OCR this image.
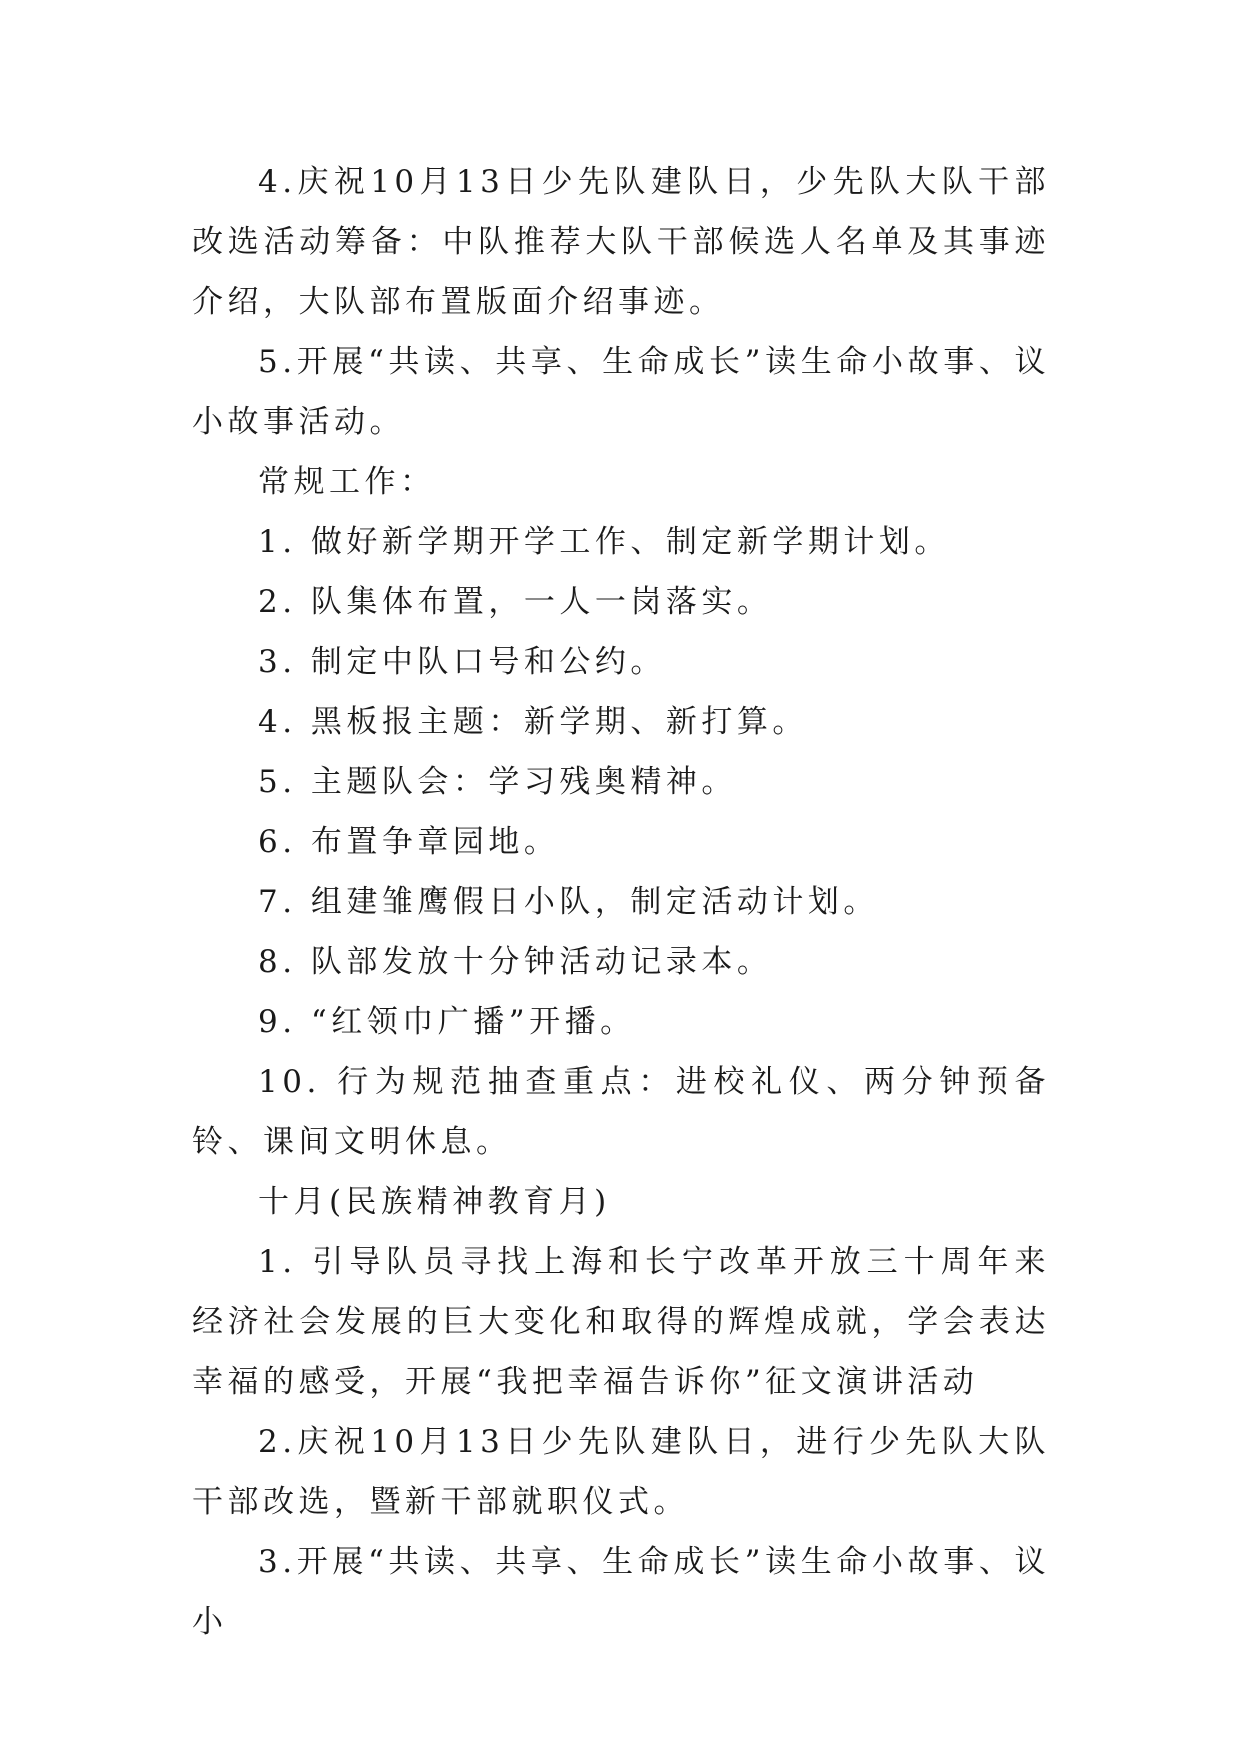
4.庆祝10月13日少先队建队日，少先队大队干部改选活动筹备：中队推荐大队干部候选人名单及其事迹介绍，大队部布置版面介绍事迹。

5.开展“共读、共享、生命成长”读生命小故事、议小故事活动。

常规工作：

1. 做好新学期开学工作、制定新学期计划。

2. 队集体布置，一人一岗落实。

3. 制定中队口号和公约。

4. 黑板报主题：新学期、新打算。

5. 主题队会：学习残奥精神。

6. 布置争章园地。

7. 组建雏鹰假日小队，制定活动计划。

8. 队部发放十分钟活动记录本。

9. “红领巾广播”开播。

10. 行为规范抽查重点：进校礼仪、两分钟预备铃、课间文明休息。

十月(民族精神教育月)

1. 引导队员寻找上海和长宁改革开放三十周年来经济社会发展的巨大变化和取得的辉煌成就，学会表达幸福的感受，开展“我把幸福告诉你”征文演讲活动

2.庆祝10月13日少先队建队日，进行少先队大队干部改选，暨新干部就职仪式。

3.开展“共读、共享、生命成长”读生命小故事、议小
